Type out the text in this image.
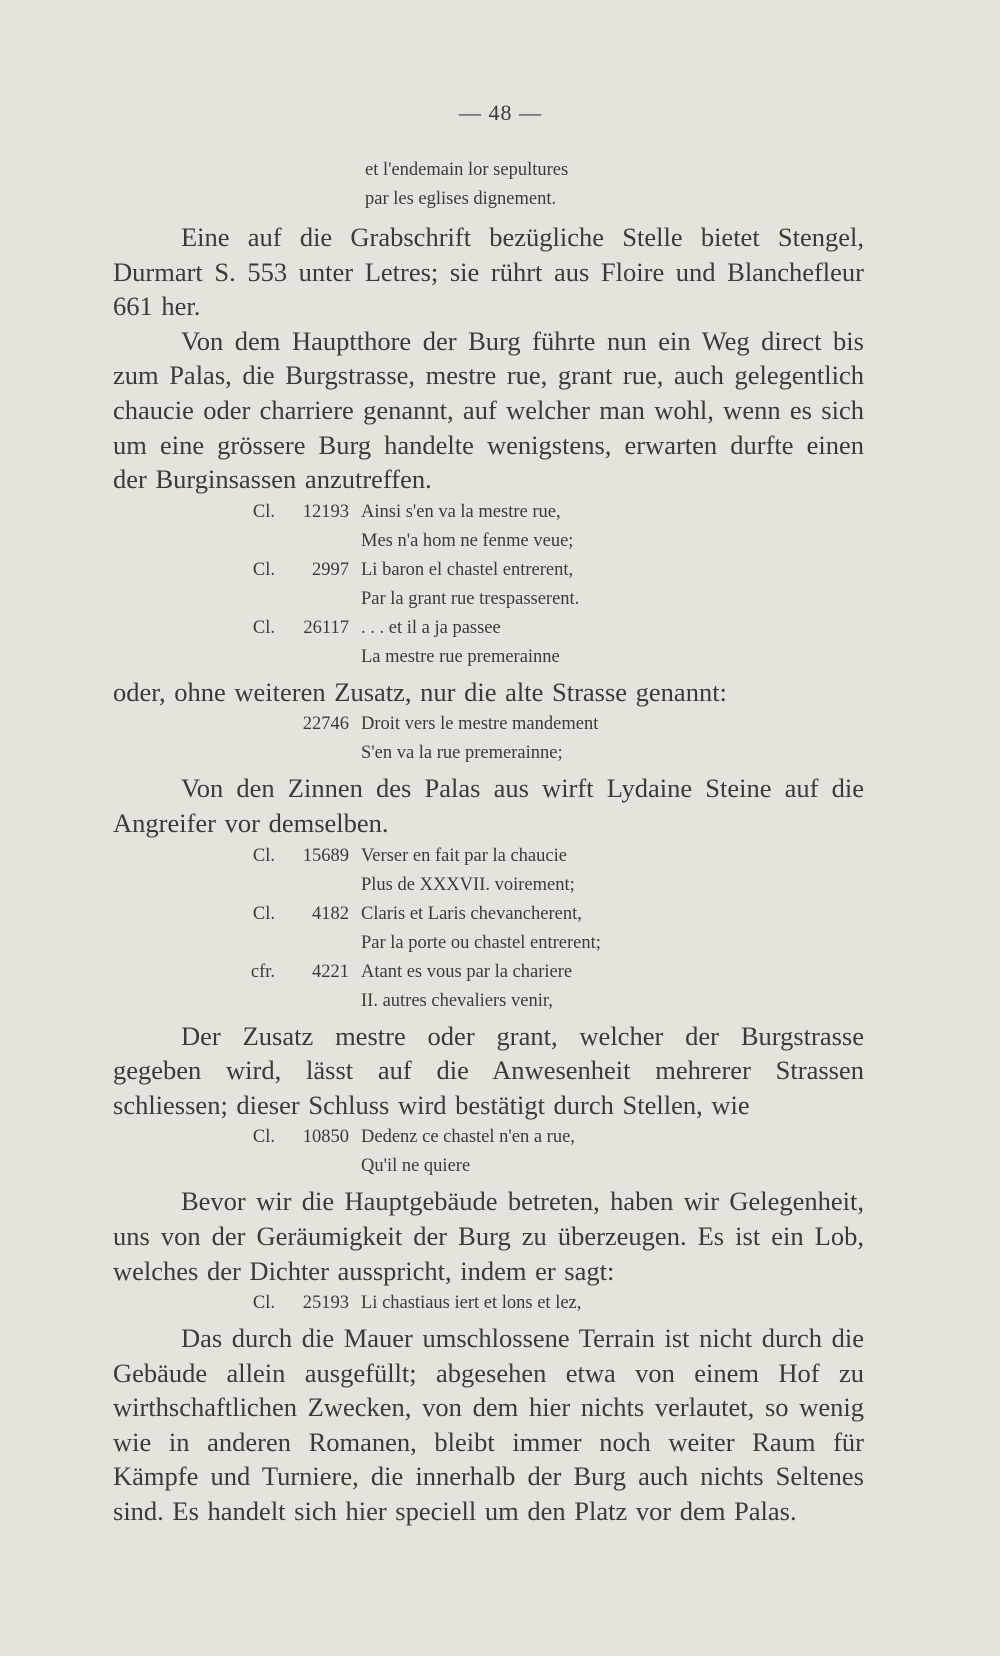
— 48 —
et l'endemain lor sepultures
par les eglises dignement.

Eine auf die Grabschrift bezügliche Stelle bietet Stengel, Durmart S. 553 unter Letres; sie rührt aus Floire und Blanchefleur 661 her.

Von dem Hauptthore der Burg führte nun ein Weg direct bis zum Palas, die Burgstrasse, mestre rue, grant rue, auch gelegentlich chaucie oder charriere genannt, auf welcher man wohl, wenn es sich um eine grössere Burg handelte wenigstens, erwarten durfte einen der Burginsassen anzutreffen.

Cl.	12193 Ainsi s'en va la mestre rue,
Mes n'a hom ne fenme veue;
Cl.	2997 Li baron el chastel entrerent,
Par la grant rue trespasserent.
Cl.	26117 . . . et il a ja passee
La mestre rue premerainne

oder, ohne weiteren Zusatz, nur die alte Strasse genannt:

22746 Droit vers le mestre mandement
S'en va la rue premerainne;

Von den Zinnen des Palas aus wirft Lydaine Steine auf die Angreifer vor demselben.

Cl.	15689 Verser en fait par la chaucie
Plus de XXXVII. voirement;
Cl.	4182 Claris et Laris chevancherent,
Par la porte ou chastel entrerent;
cfr.	4221 Atant es vous par la chariere
II. autres chevaliers venir,

Der Zusatz mestre oder grant, welcher der Burgstrasse gegeben wird, lässt auf die Anwesenheit mehrerer Strassen schliessen; dieser Schluss wird bestätigt durch Stellen, wie

Cl.	10850 Dedenz ce chastel n'en a rue,
Qu'il ne quiere

Bevor wir die Hauptgebäude betreten, haben wir Gelegenheit, uns von der Geräumigkeit der Burg zu überzeugen. Es ist ein Lob, welches der Dichter ausspricht, indem er sagt:

Cl.	25193 Li chastiaus iert et lons et lez,

Das durch die Mauer umschlossene Terrain ist nicht durch die Gebäude allein ausgefüllt; abgesehen etwa von einem Hof zu wirthschaftlichen Zwecken, von dem hier nichts verlautet, so wenig wie in anderen Romanen, bleibt immer noch weiter Raum für Kämpfe und Turniere, die innerhalb der Burg auch nichts Seltenes sind. Es handelt sich hier speciell um den Platz vor dem Palas.
